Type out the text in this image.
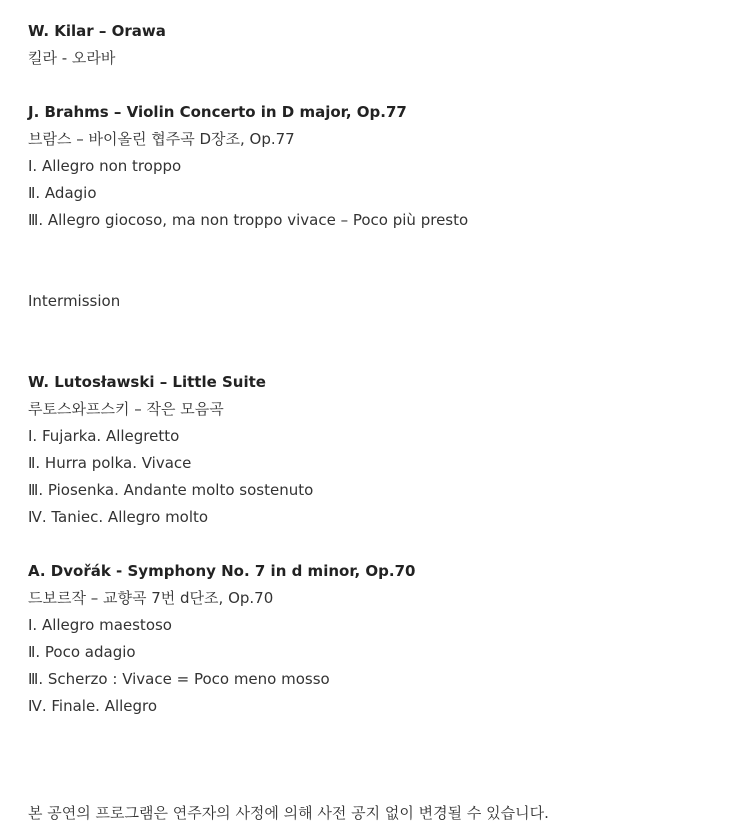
W. Kilar – Orawa
킬라 - 오라바
J. Brahms – Violin Concerto in D major, Op.77
브람스 – 바이올린 협주곡 D장조, Op.77
Ⅰ. Allegro non troppo
Ⅱ. Adagio
Ⅲ. Allegro giocoso, ma non troppo vivace – Poco più presto
Intermission
W. Lutosławski – Little Suite
루토스와프스키 – 작은 모음곡
Ⅰ. Fujarka. Allegretto
Ⅱ. Hurra polka. Vivace
Ⅲ. Piosenka. Andante molto sostenuto
Ⅳ. Taniec. Allegro molto
A. Dvořák - Symphony No. 7 in d minor, Op.70
드보르작 – 교향곡 7번 d단조, Op.70
Ⅰ. Allegro maestoso
Ⅱ. Poco adagio
Ⅲ. Scherzo : Vivace = Poco meno mosso
Ⅳ. Finale. Allegro
본 공연의 프로그램은 연주자의 사정에 의해 사전 공지 없이 변경될 수 있습니다.
